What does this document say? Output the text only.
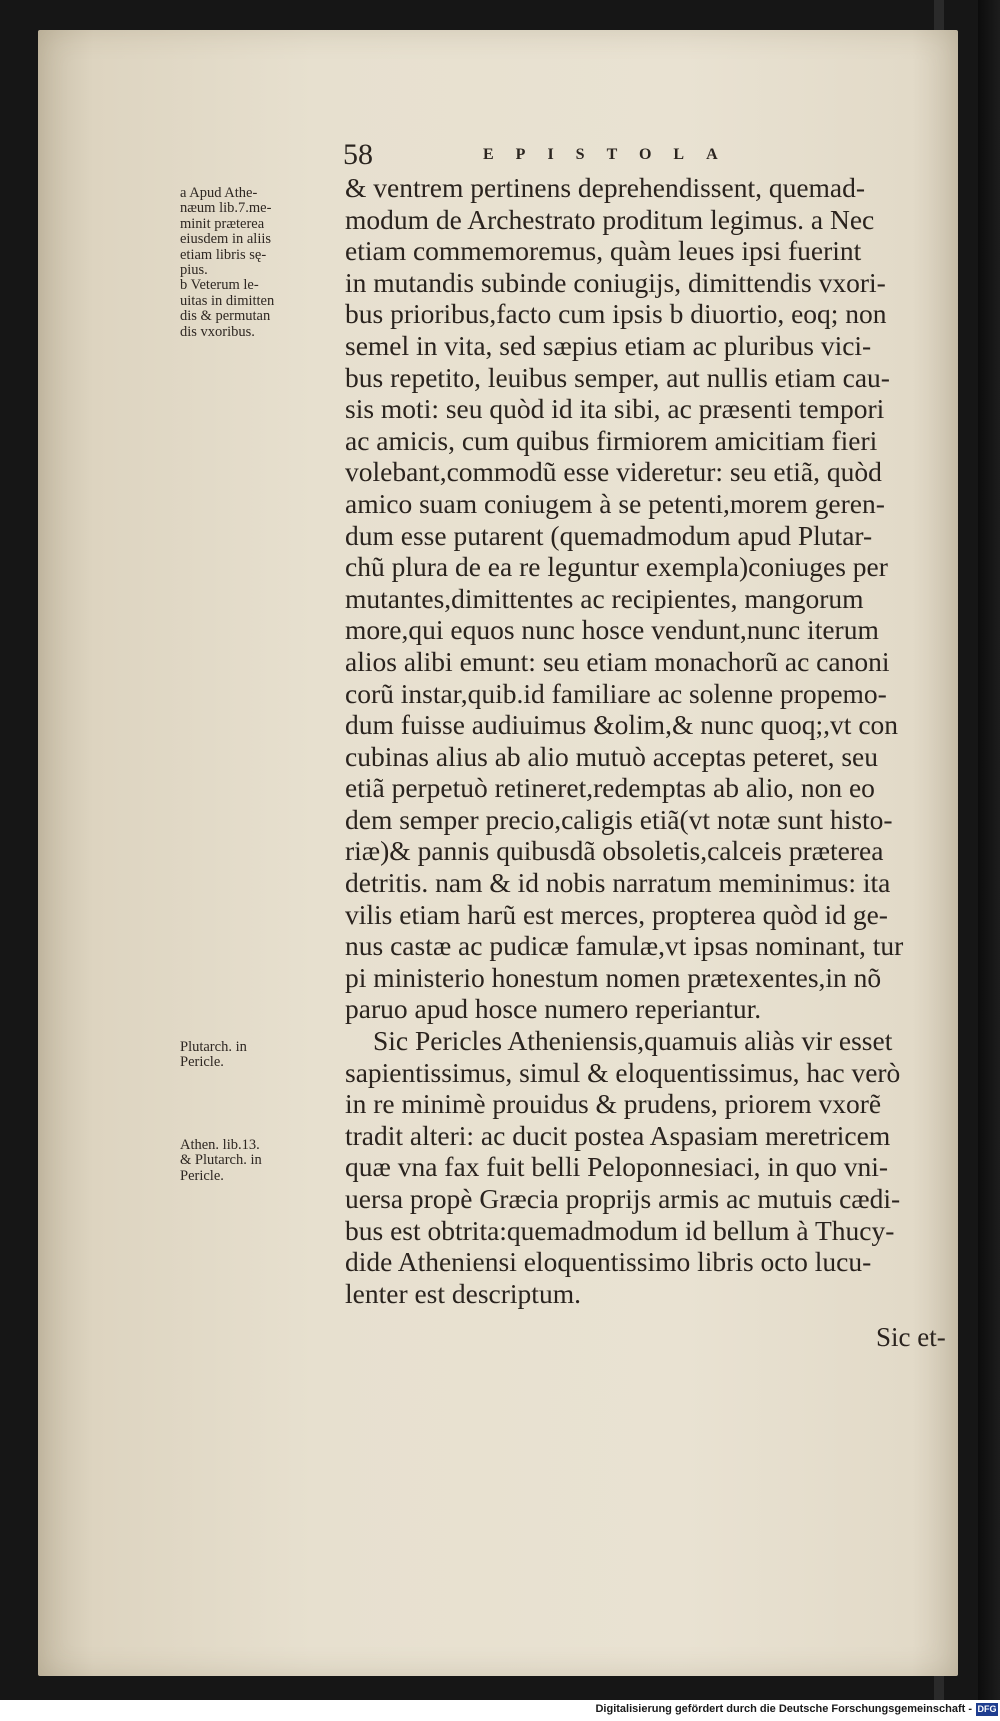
58	EPISTOLA
a Apud Athe-
næum lib.7.me-
minit præterea
eiusdem in aliis
etiam libris sę-
pius.
b Veterum le-
uitas in dimitten
dis & permutan
dis vxoribus.
Plutarch. in
Pericle.
Athen. lib.13.
& Plutarch. in
Pericle.
& ventrem pertinens deprehendissent, quemad-
modum de Archestrato proditum legimus. a Nec
etiam commemoremus, quàm leues ipsi fuerint
in mutandis subinde coniugijs, dimittendis vxori-
bus prioribus,facto cum ipsis b diuortio, eoq; non
semel in vita, sed sæpius etiam ac pluribus vici-
bus repetito, leuibus semper, aut nullis etiam cau-
sis moti: seu quòd id ita sibi, ac præsenti tempori
ac amicis, cum quibus firmiorem amicitiam fieri
volebant,commodũ esse videretur: seu etiã, quòd
amico suam coniugem à se petenti,morem geren-
dum esse putarent (quemadmodum apud Plutar-
chũ plura de ea re leguntur exempla)coniuges per
mutantes,dimittentes ac recipientes, mangorum
more,qui equos nunc hosce vendunt,nunc iterum
alios alibi emunt: seu etiam monachorũ ac canoni
corũ instar,quib.id familiare ac solenne propemo-
dum fuisse audiuimus &olim,& nunc quoq;,vt con
cubinas alius ab alio mutuò acceptas peteret, seu
etiã perpetuò retineret,redemptas ab alio, non eo
dem semper precio,caligis etiã(vt notæ sunt histo-
riæ)& pannis quibusdã obsoletis,calceis præterea
detritis. nam & id nobis narratum meminimus: ita
vilis etiam harũ est merces, propterea quòd id ge-
nus castæ ac pudicæ famulæ,vt ipsas nominant, tur
pi ministerio honestum nomen prætexentes,in nõ
paruo apud hosce numero reperiantur.
Sic Pericles Atheniensis,quamuis aliàs vir esset
sapientissimus, simul & eloquentissimus, hac verò
in re minimè prouidus & prudens, priorem vxorẽ
tradit alteri: ac ducit postea Aspasiam meretricem
quæ vna fax fuit belli Peloponnesiaci, in quo vni-
uersa propè Græcia proprijs armis ac mutuis cædi-
bus est obtrita:quemadmodum id bellum à Thucy-
dide Atheniensi eloquentissimo libris octo lucu-
lenter est descriptum.
Sic et-
Digitalisierung gefördert durch die Deutsche Forschungsgemeinschaft - DFG
